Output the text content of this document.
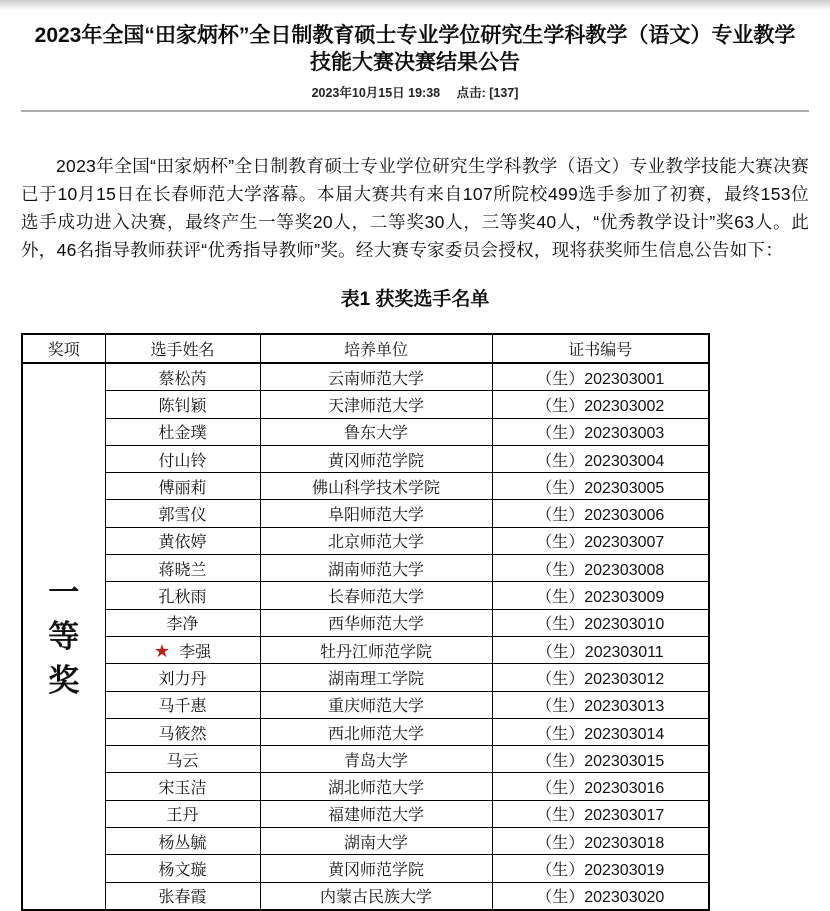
2023年全国“田家炳杯”全日制教育硕士专业学位研究生学科教学（语文）专业教学技能大赛决赛结果公告
2023年10月15日 19:38 点击: [137]

2023年全国“田家炳杯”全日制教育硕士专业学位研究生学科教学（语文）专业教学技能大赛决赛已于10月15日在长春师范大学落幕。本届大赛共有来自107所院校499选手参加了初赛，最终153位选手成功进入决赛，最终产生一等奖20人，二等奖30人，三等奖40人，“优秀教学设计”奖63人。此外，46名指导教师获评“优秀指导教师”奖。经大赛专家委员会授权，现将获奖师生信息公告如下：

表1 获奖选手名单
奖项	选手姓名	培养单位	证书编号

一
等
奖	蔡松芮	云南师范大学	（生）202303001
	陈钊颖	天津师范大学	（生）202303002
	杜金璞	鲁东大学	（生）202303003
	付山铃	黄冈师范学院	（生）202303004
	傅丽莉	佛山科学技术学院	（生）202303005
	郭雪仪	阜阳师范大学	（生）202303006
	黄依婷	北京师范大学	（生）202303007
	蒋晓兰	湖南师范大学	（生）202303008
	孔秋雨	长春师范大学	（生）202303009
	李净	西华师范大学	（生）202303010
	★ 李强	牡丹江师范学院	（生）202303011
	刘力丹	湖南理工学院	（生）202303012
	马千惠	重庆师范大学	（生）202303013
	马筱然	西北师范大学	（生）202303014
	马云	青岛大学	（生）202303015
	宋玉洁	湖北师范大学	（生）202303016
	王丹	福建师范大学	（生）202303017
	杨丛毓	湖南大学	（生）202303018
	杨文璇	黄冈师范学院	（生）202303019
	张春霞	内蒙古民族大学	（生）202303020
